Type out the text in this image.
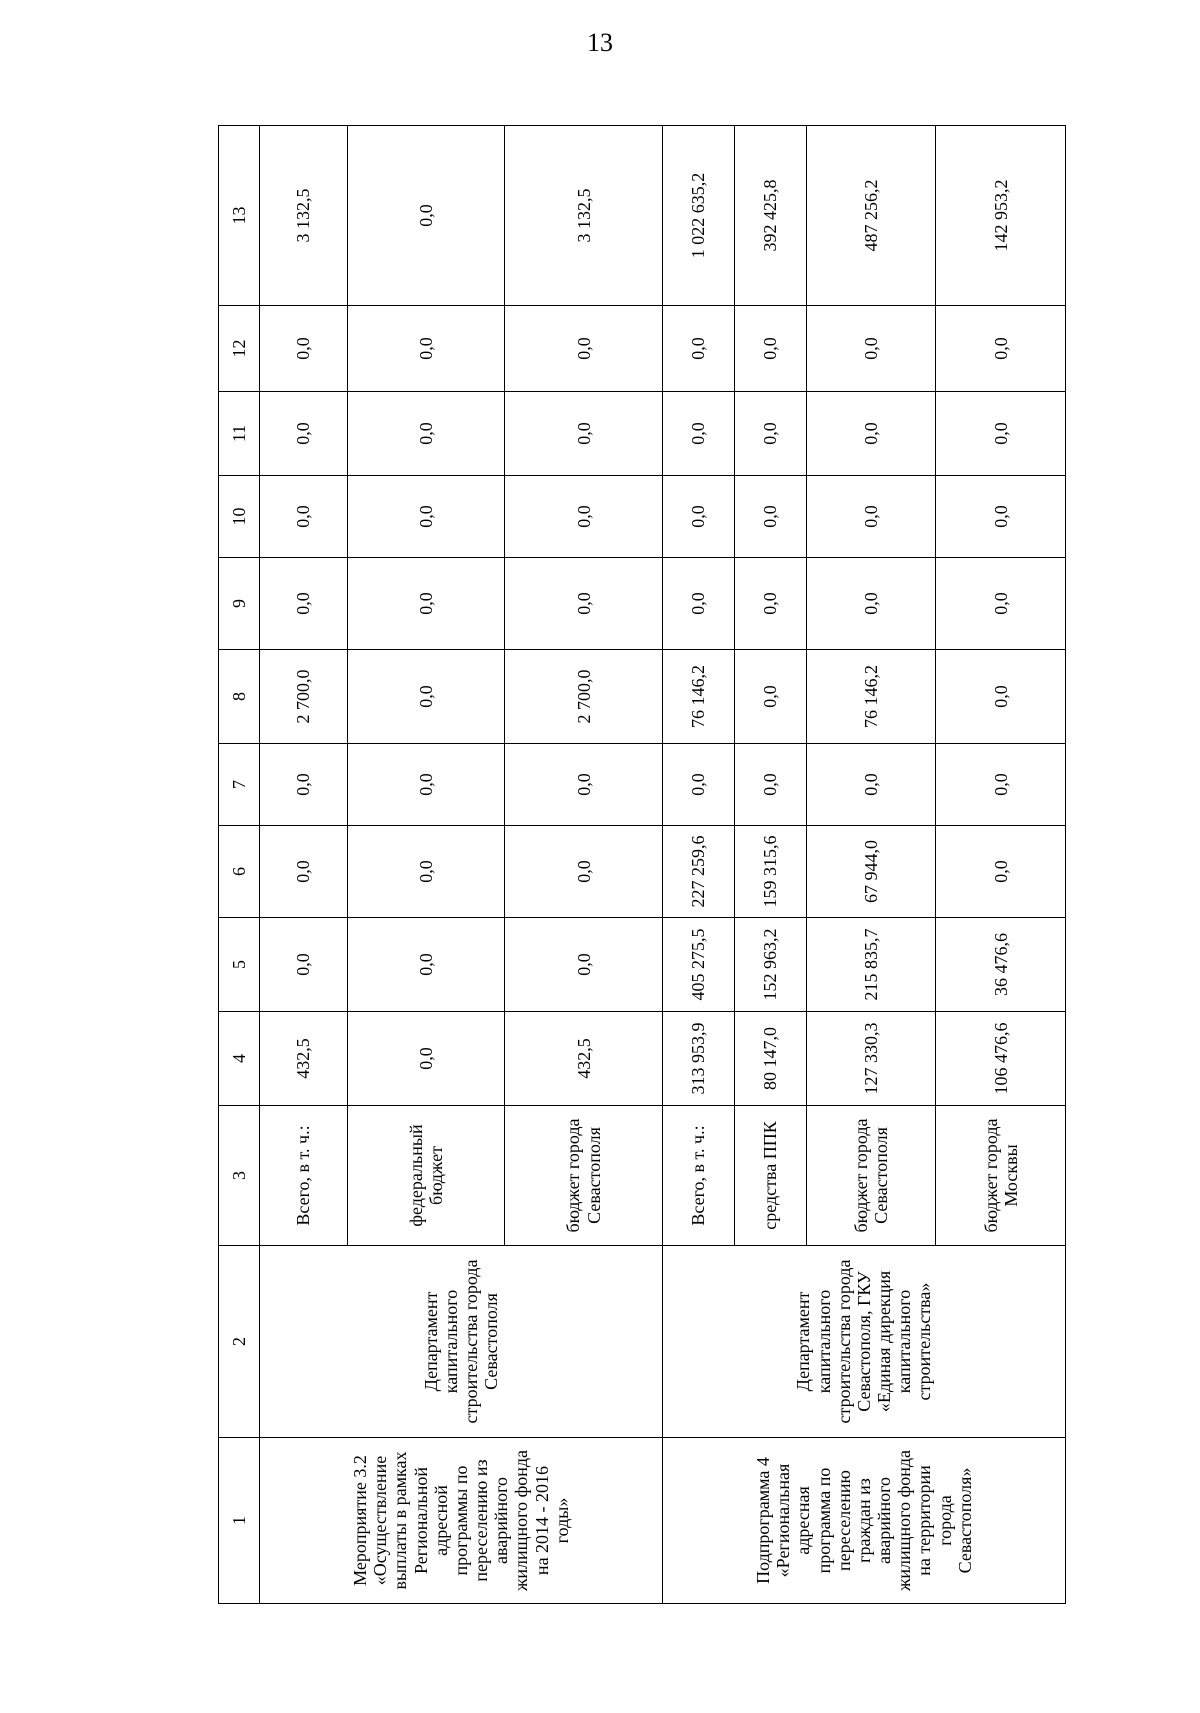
13
1	2	3	4	5	6	7	8	9	10	11	12	13
Мероприятие 3.2 «Осуществление выплаты в рамках Региональной адресной программы по переселению из аварийного жилищного фонда на 2014 - 2016 годы»	Департамент капитального строительства города Севастополя	Всего, в т. ч.:	432,5	0,0	0,0	0,0	2 700,0	0,0	0,0	0,0	0,0	3 132,5
		федеральный бюджет	0,0	0,0	0,0	0,0	0,0	0,0	0,0	0,0	0,0	0,0
		бюджет города Севастополя	432,5	0,0	0,0	0,0	2 700,0	0,0	0,0	0,0	0,0	3 132,5
Подпрограмма 4 «Региональная адресная программа по переселению граждан из аварийного жилищного фонда на территории города Севастополя»	Департамент капитального строительства города Севастополя, ГКУ «Единая дирекция капитального строительства»	Всего, в т. ч.:	313 953,9	405 275,5	227 259,6	0,0	76 146,2	0,0	0,0	0,0	0,0	1 022 635,2
		средства ППК	80 147,0	152 963,2	159 315,6	0,0	0,0	0,0	0,0	0,0	0,0	392 425,8
		бюджет города Севастополя	127 330,3	215 835,7	67 944,0	0,0	76 146,2	0,0	0,0	0,0	0,0	487 256,2
		бюджет города Москвы	106 476,6	36 476,6	0,0	0,0	0,0	0,0	0,0	0,0	0,0	142 953,2
